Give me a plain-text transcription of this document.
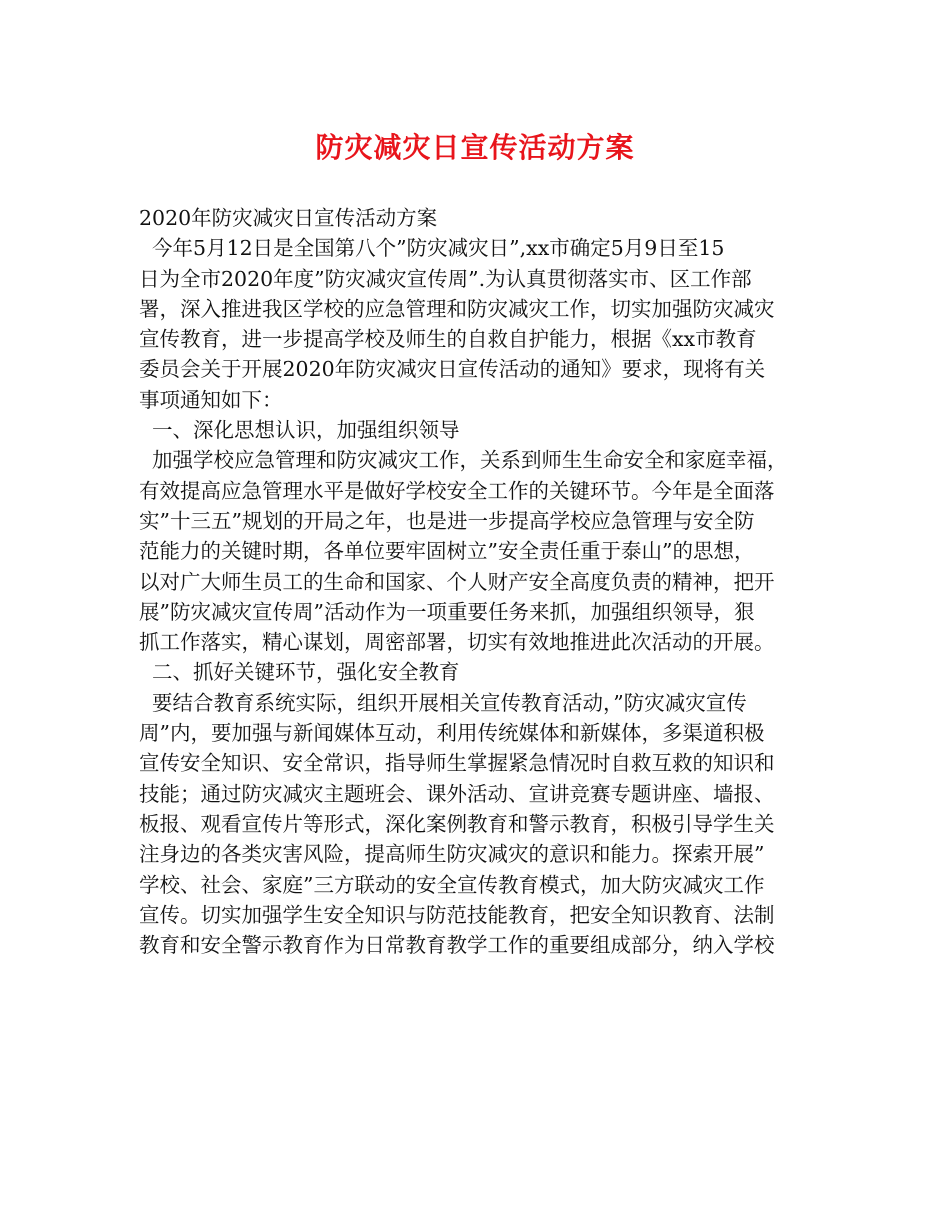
防灾减灾日宣传活动方案
2020年防灾减灾日宣传活动方案
今年5月12日是全国第八个”防灾减灾日”,xx市确定5月9日至15
日为全市2020年度”防灾减灾宣传周”.为认真贯彻落实市、区工作部
署，深入推进我区学校的应急管理和防灾减灾工作，切实加强防灾减灾
宣传教育，进一步提高学校及师生的自救自护能力，根据《xx市教育
委员会关于开展2020年防灾减灾日宣传活动的通知》要求，现将有关
事项通知如下：
一、深化思想认识，加强组织领导
加强学校应急管理和防灾减灾工作，关系到师生生命安全和家庭幸福，
有效提高应急管理水平是做好学校安全工作的关键环节。今年是全面落
实”十三五”规划的开局之年，也是进一步提高学校应急管理与安全防
范能力的关键时期，各单位要牢固树立”安全责任重于泰山”的思想，
以对广大师生员工的生命和国家、个人财产安全高度负责的精神，把开
展”防灾减灾宣传周”活动作为一项重要任务来抓，加强组织领导，狠
抓工作落实，精心谋划，周密部署，切实有效地推进此次活动的开展。
二、抓好关键环节，强化安全教育
要结合教育系统实际，组织开展相关宣传教育活动，”防灾减灾宣传
周”内，要加强与新闻媒体互动，利用传统媒体和新媒体，多渠道积极
宣传安全知识、安全常识，指导师生掌握紧急情况时自救互救的知识和
技能；通过防灾减灾主题班会、课外活动、宣讲竞赛专题讲座、墙报、
板报、观看宣传片等形式，深化案例教育和警示教育，积极引导学生关
注身边的各类灾害风险，提高师生防灾减灾的意识和能力。探索开展”
学校、社会、家庭”三方联动的安全宣传教育模式，加大防灾减灾工作
宣传。切实加强学生安全知识与防范技能教育，把安全知识教育、法制
教育和安全警示教育作为日常教育教学工作的重要组成部分，纳入学校
